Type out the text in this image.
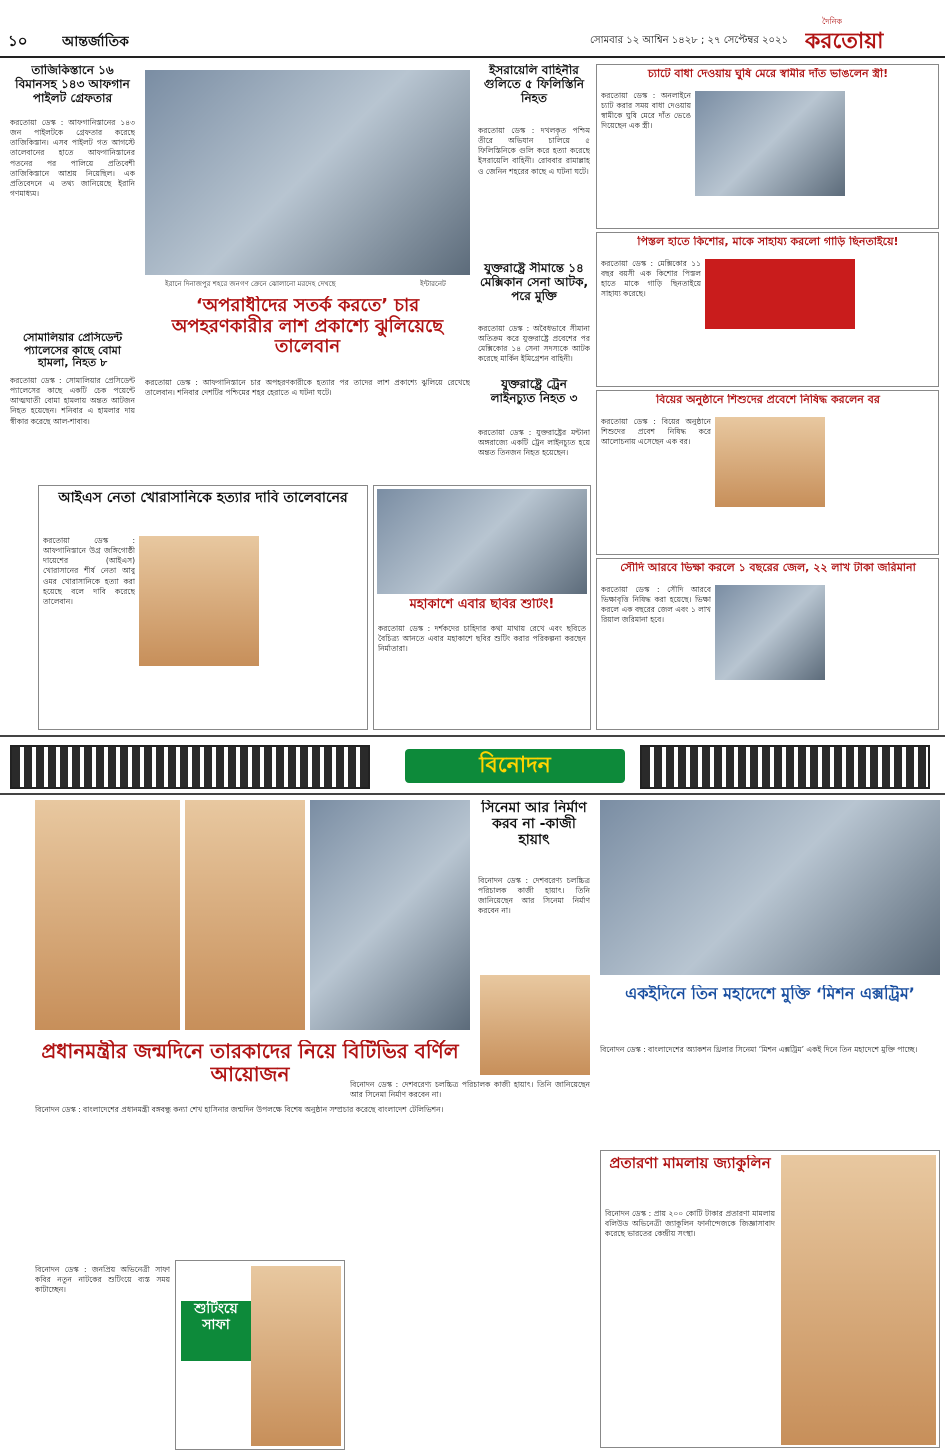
১০ আন্তর্জাতিক	সোমবার ১২ আশ্বিন ১৪২৮ ; ২৭ সেপ্টেম্বর ২০২১
দৈনিক
করতোয়া
তাজিকিস্তানে ১৬ বিমানসহ ১৪৩ আফগান পাইলট গ্রেফতার
করতোয়া ডেস্ক : আফগানিস্তানের ১৪৩ জন পাইলটকে গ্রেফতার করেছে তাজিকিস্তান। এসব পাইলট গত আগস্টে তালেবানের হাতে আফগানিস্তানের পতনের পর পালিয়ে প্রতিবেশী তাজিকিস্তানে আশ্রয় নিয়েছিল। এক প্রতিবেদনে এ তথ্য জানিয়েছে ইরানি গণমাধ্যম।
সোমালিয়ার প্রেসিডেন্ট প্যালেসের কাছে বোমা হামলা, নিহত ৮
করতোয়া ডেস্ক : সোমালিয়ার প্রেসিডেন্ট প্যালেসের কাছে একটি চেক পয়েন্টে আত্মঘাতী বোমা হামলায় অন্তত আটজন নিহত হয়েছেন। শনিবার এ হামলার দায় স্বীকার করেছে আল-শাবাব।
ইরানে দিনাজপুর শহরে জনগণ ক্রেনে ঝোলানো মরদেহ দেখছে	ইন্টারনেট
ইসরায়েলি বাহিনীর গুলিতে ৫ ফিলিস্তিনি নিহত
করতোয়া ডেস্ক : দখলকৃত পশ্চিম তীরে অভিযান চালিয়ে ৫ ফিলিস্তিনিকে গুলি করে হত্যা করেছে ইসরায়েলি বাহিনী। রোববার রামাল্লাহ ও জেনিন শহরের কাছে এ ঘটনা ঘটে।
যুক্তরাষ্ট্রে সীমান্তে ১৪ মেক্সিকান সেনা আটক, পরে মুক্তি
করতোয়া ডেস্ক : অবৈধভাবে সীমানা অতিক্রম করে যুক্তরাষ্ট্রে প্রবেশের পর মেক্সিকোর ১৪ সেনা সদস্যকে আটক করেছে মার্কিন ইমিগ্রেশন বাহিনী।
যুক্তরাষ্ট্রে ট্রেন লাইনচ্যুত নিহত ৩
করতোয়া ডেস্ক : যুক্তরাষ্ট্রের মন্টানা অঙ্গরাজ্যে একটি ট্রেন লাইনচ্যুত হয়ে অন্তত তিনজন নিহত হয়েছেন।
‘অপরাধীদের সতর্ক করতে’ চার অপহরণকারীর লাশ প্রকাশ্যে ঝুলিয়েছে তালেবান
করতোয়া ডেস্ক : আফগানিস্তানে চার অপহরণকারীকে হত্যার পর তাদের লাশ প্রকাশ্যে ঝুলিয়ে রেখেছে তালেবান। শনিবার দেশটির পশ্চিমের শহর হেরাতে এ ঘটনা ঘটে।
আইএস নেতা খোরাসানিকে হত্যার দাবি তালেবানের
করতোয়া ডেস্ক : আফগানিস্তানে উগ্র জঙ্গিগোষ্ঠী দায়েশের (আইএস) খোরাসানের শীর্ষ নেতা আবু ওমর খোরাসানিকে হত্যা করা হয়েছে বলে দাবি করেছে তালেবান।	মহাকাশে এবার ছবির শুটিং!
করতোয়া ডেস্ক : দর্শকদের চাহিদার কথা মাথায় রেখে এবং ছবিতে বৈচিত্র্য আনতে এবার মহাকাশে ছবির শুটিং করার পরিকল্পনা করছেন নির্মাতারা।
চ্যাটে বাধা দেওয়ায় ঘুষি মেরে স্বামীর দাঁত ভাঙলেন স্ত্রী!
করতোয়া ডেস্ক : অনলাইনে চ্যাট করার সময় বাধা দেওয়ায় স্বামীকে ঘুষি মেরে দাঁত ভেঙে দিয়েছেন এক স্ত্রী।
পিস্তল হাতে কিশোর, মাকে সাহায্য করলো গাড়ি ছিনতাইয়ে!
করতোয়া ডেস্ক : মেক্সিকোর ১১ বছর বয়সী এক কিশোর পিস্তল হাতে মাকে গাড়ি ছিনতাইয়ে সাহায্য করেছে।
বিয়ের অনুষ্ঠানে শিশুদের প্রবেশে নিষিদ্ধ করলেন বর
করতোয়া ডেস্ক : বিয়ের অনুষ্ঠানে শিশুদের প্রবেশ নিষিদ্ধ করে আলোচনায় এসেছেন এক বর।
সৌদি আরবে ভিক্ষা করলে ১ বছরের জেল, ২২ লাখ টাকা জরিমানা
করতোয়া ডেস্ক : সৌদি আরবে ভিক্ষাবৃত্তি নিষিদ্ধ করা হয়েছে। ভিক্ষা করলে এক বছরের জেল এবং ১ লাখ রিয়াল জরিমানা হবে।
বিনোদন
সিনেমা আর নির্মাণ করব না -কাজী হায়াৎ
বিনোদন ডেস্ক : দেশবরেণ্য চলচ্চিত্র পরিচালক কাজী হায়াৎ। তিনি জানিয়েছেন আর সিনেমা নির্মাণ করবেন না।
একইদিনে তিন মহাদেশে মুক্তি ‘মিশন এক্সট্রিম’
বিনোদন ডেস্ক : বাংলাদেশের অ্যাকশন থ্রিলার সিনেমা ‘মিশন এক্সট্রিম’ একই দিনে তিন মহাদেশে মুক্তি পাচ্ছে।
প্রধানমন্ত্রীর জন্মদিনে তারকাদের নিয়ে বিটিভির বর্ণিল আয়োজন
বিনোদন ডেস্ক : বাংলাদেশের প্রধানমন্ত্রী বঙ্গবন্ধু কন্যা শেখ হাসিনার জন্মদিন উপলক্ষে বিশেষ অনুষ্ঠান সম্প্রচার করেছে বাংলাদেশ টেলিভিশন।
শুটিংয়ে সাফা
বিনোদন ডেস্ক : জনপ্রিয় অভিনেত্রী সাফা কবির নতুন নাটকের শুটিংয়ে ব্যস্ত সময় কাটাচ্ছেন।
বিনোদন ডেস্ক : দেশবরেণ্য চলচ্চিত্র পরিচালক কাজী হায়াৎ। তিনি জানিয়েছেন আর সিনেমা নির্মাণ করবেন না।
প্রতারণা মামলায় জ্যাকুলিন
বিনোদন ডেস্ক : প্রায় ২০০ কোটি টাকার প্রতারণা মামলায় বলিউড অভিনেত্রী জ্যাকুলিন ফার্নান্দেজকে জিজ্ঞাসাবাদ করেছে ভারতের কেন্দ্রীয় সংস্থা।
